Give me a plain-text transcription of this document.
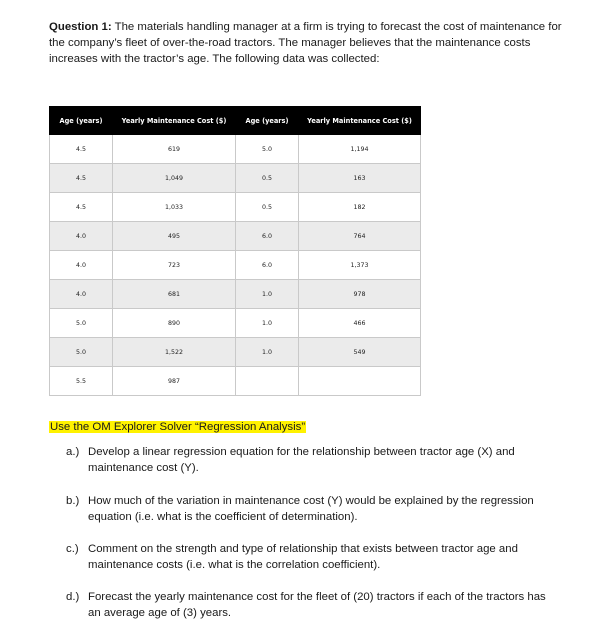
Question 1: The materials handling manager at a firm is trying to forecast the cost of maintenance for the company’s fleet of over-the-road tractors. The manager believes that the maintenance costs increases with the tractor’s age. The following data was collected:

Age (years)	Yearly Maintenance Cost ($)	Age (years)	Yearly Maintenance Cost ($)
4.5	619	5.0	1,194
4.5	1,049	0.5	163
4.5	1,033	0.5	182
4.0	495	6.0	764
4.0	723	6.0	1,373
4.0	681	1.0	978
5.0	890	1.0	466
5.0	1,522	1.0	549
5.5	987		

Use the OM Explorer Solver “Regression Analysis”

a.) Develop a linear regression equation for the relationship between tractor age (X) and maintenance cost (Y).
b.) How much of the variation in maintenance cost (Y) would be explained by the regression equation (i.e. what is the coefficient of determination).
c.) Comment on the strength and type of relationship that exists between tractor age and maintenance costs (i.e. what is the correlation coefficient).
d.) Forecast the yearly maintenance cost for the fleet of (20) tractors if each of the tractors has an average age of (3) years.
